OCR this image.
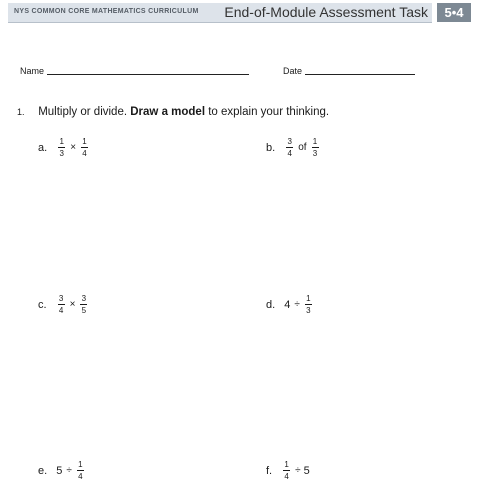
NYS COMMON CORE MATHEMATICS CURRICULUM End-of-Module Assessment Task	5•4
Name	Date
1. Multiply or divide. Draw a model to explain your thinking.
a. $\frac{1}{3} \times \frac{1}{4}$	b. $\frac{3}{4}$ of $\frac{1}{3}$
c. $\frac{3}{4} \times \frac{3}{5}$	d. $4 \div \frac{1}{3}$
e. $5 \div \frac{1}{4}$	f. $\frac{1}{4} \div 5$
